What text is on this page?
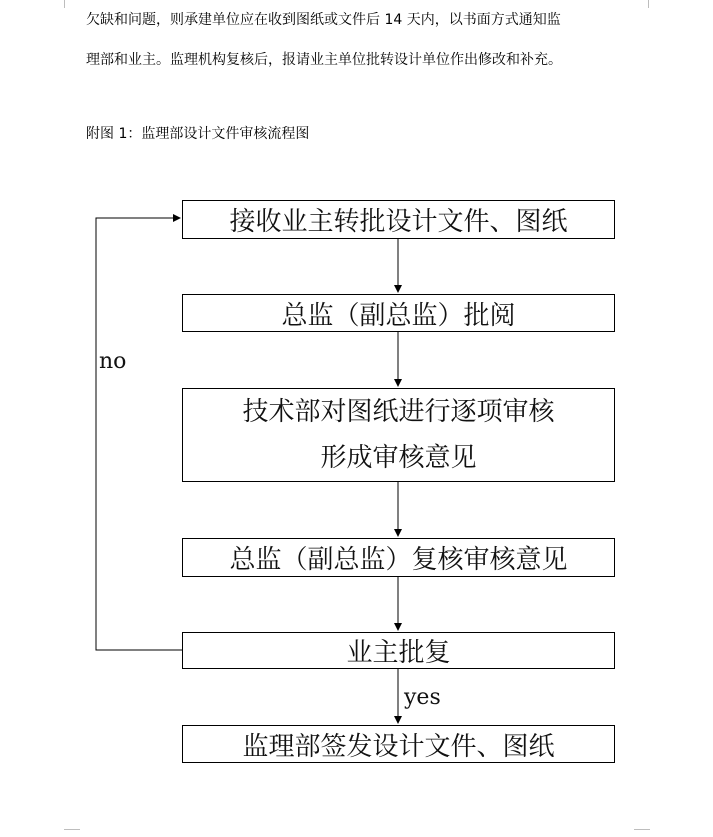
欠缺和问题，则承建单位应在收到图纸或文件后 14 天内，以书面方式通知监
理部和业主。监理机构复核后，报请业主单位批转设计单位作出修改和补充。
附图 1：监理部设计文件审核流程图
接收业主转批设计文件、图纸
总监（副总监）批阅
技术部对图纸进行逐项审核
形成审核意见
总监（副总监）复核审核意见
业主批复
监理部签发设计文件、图纸
no
yes
